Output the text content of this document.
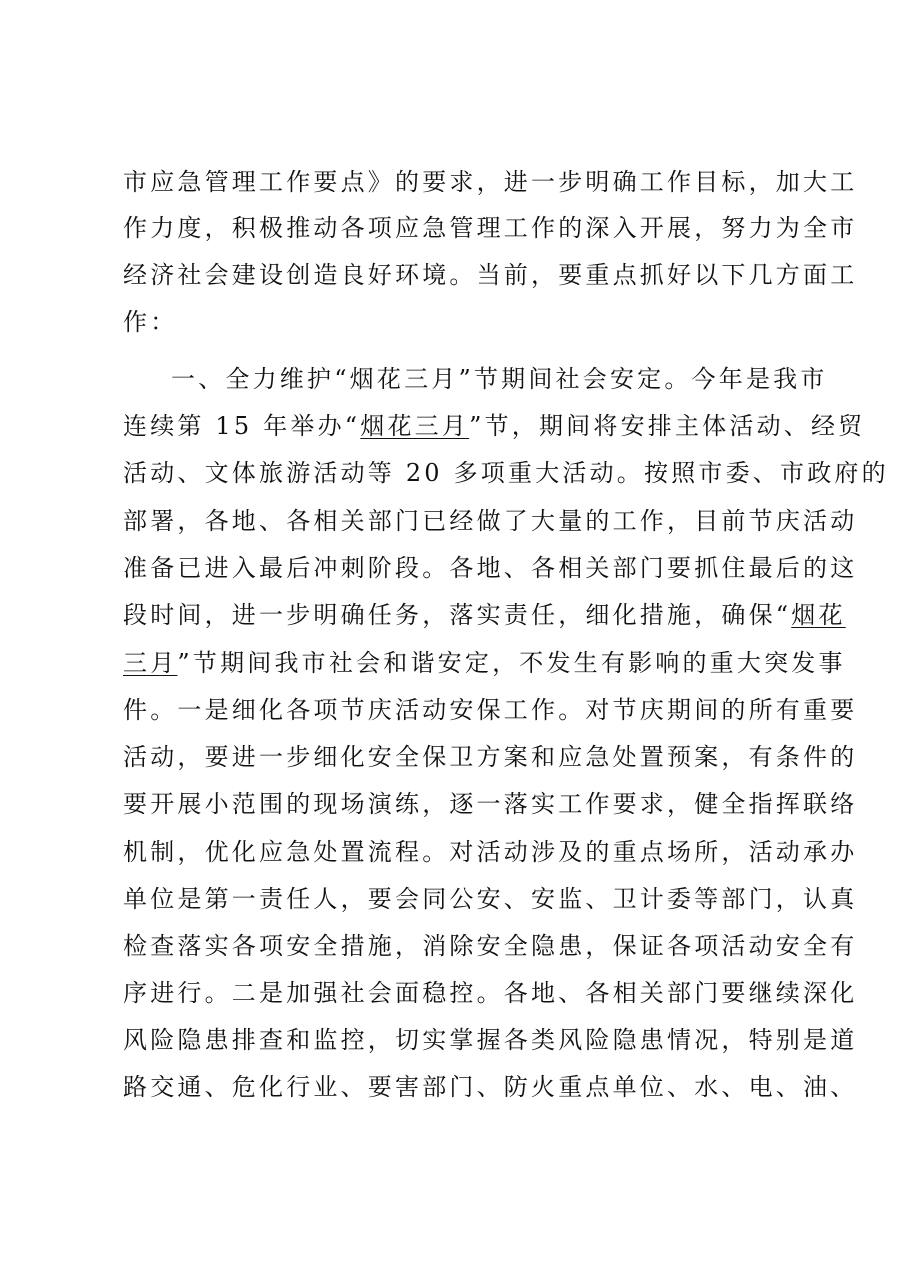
市应急管理工作要点》的要求，进一步明确工作目标，加大工
作力度，积极推动各项应急管理工作的深入开展，努力为全市
经济社会建设创造良好环境。当前，要重点抓好以下几方面工
作：
一、全力维护“烟花三月”节期间社会安定。今年是我市
连续第 15 年举办“烟花三月”节，期间将安排主体活动、经贸
活动、文体旅游活动等 20 多项重大活动。按照市委、市政府的
部署，各地、各相关部门已经做了大量的工作，目前节庆活动
准备已进入最后冲刺阶段。各地、各相关部门要抓住最后的这
段时间，进一步明确任务，落实责任，细化措施，确保“烟花
三月”节期间我市社会和谐安定，不发生有影响的重大突发事
件。一是细化各项节庆活动安保工作。对节庆期间的所有重要
活动，要进一步细化安全保卫方案和应急处置预案，有条件的
要开展小范围的现场演练，逐一落实工作要求，健全指挥联络
机制，优化应急处置流程。对活动涉及的重点场所，活动承办
单位是第一责任人，要会同公安、安监、卫计委等部门，认真
检查落实各项安全措施，消除安全隐患，保证各项活动安全有
序进行。二是加强社会面稳控。各地、各相关部门要继续深化
风险隐患排查和监控，切实掌握各类风险隐患情况，特别是道
路交通、危化行业、要害部门、防火重点单位、水、电、油、
